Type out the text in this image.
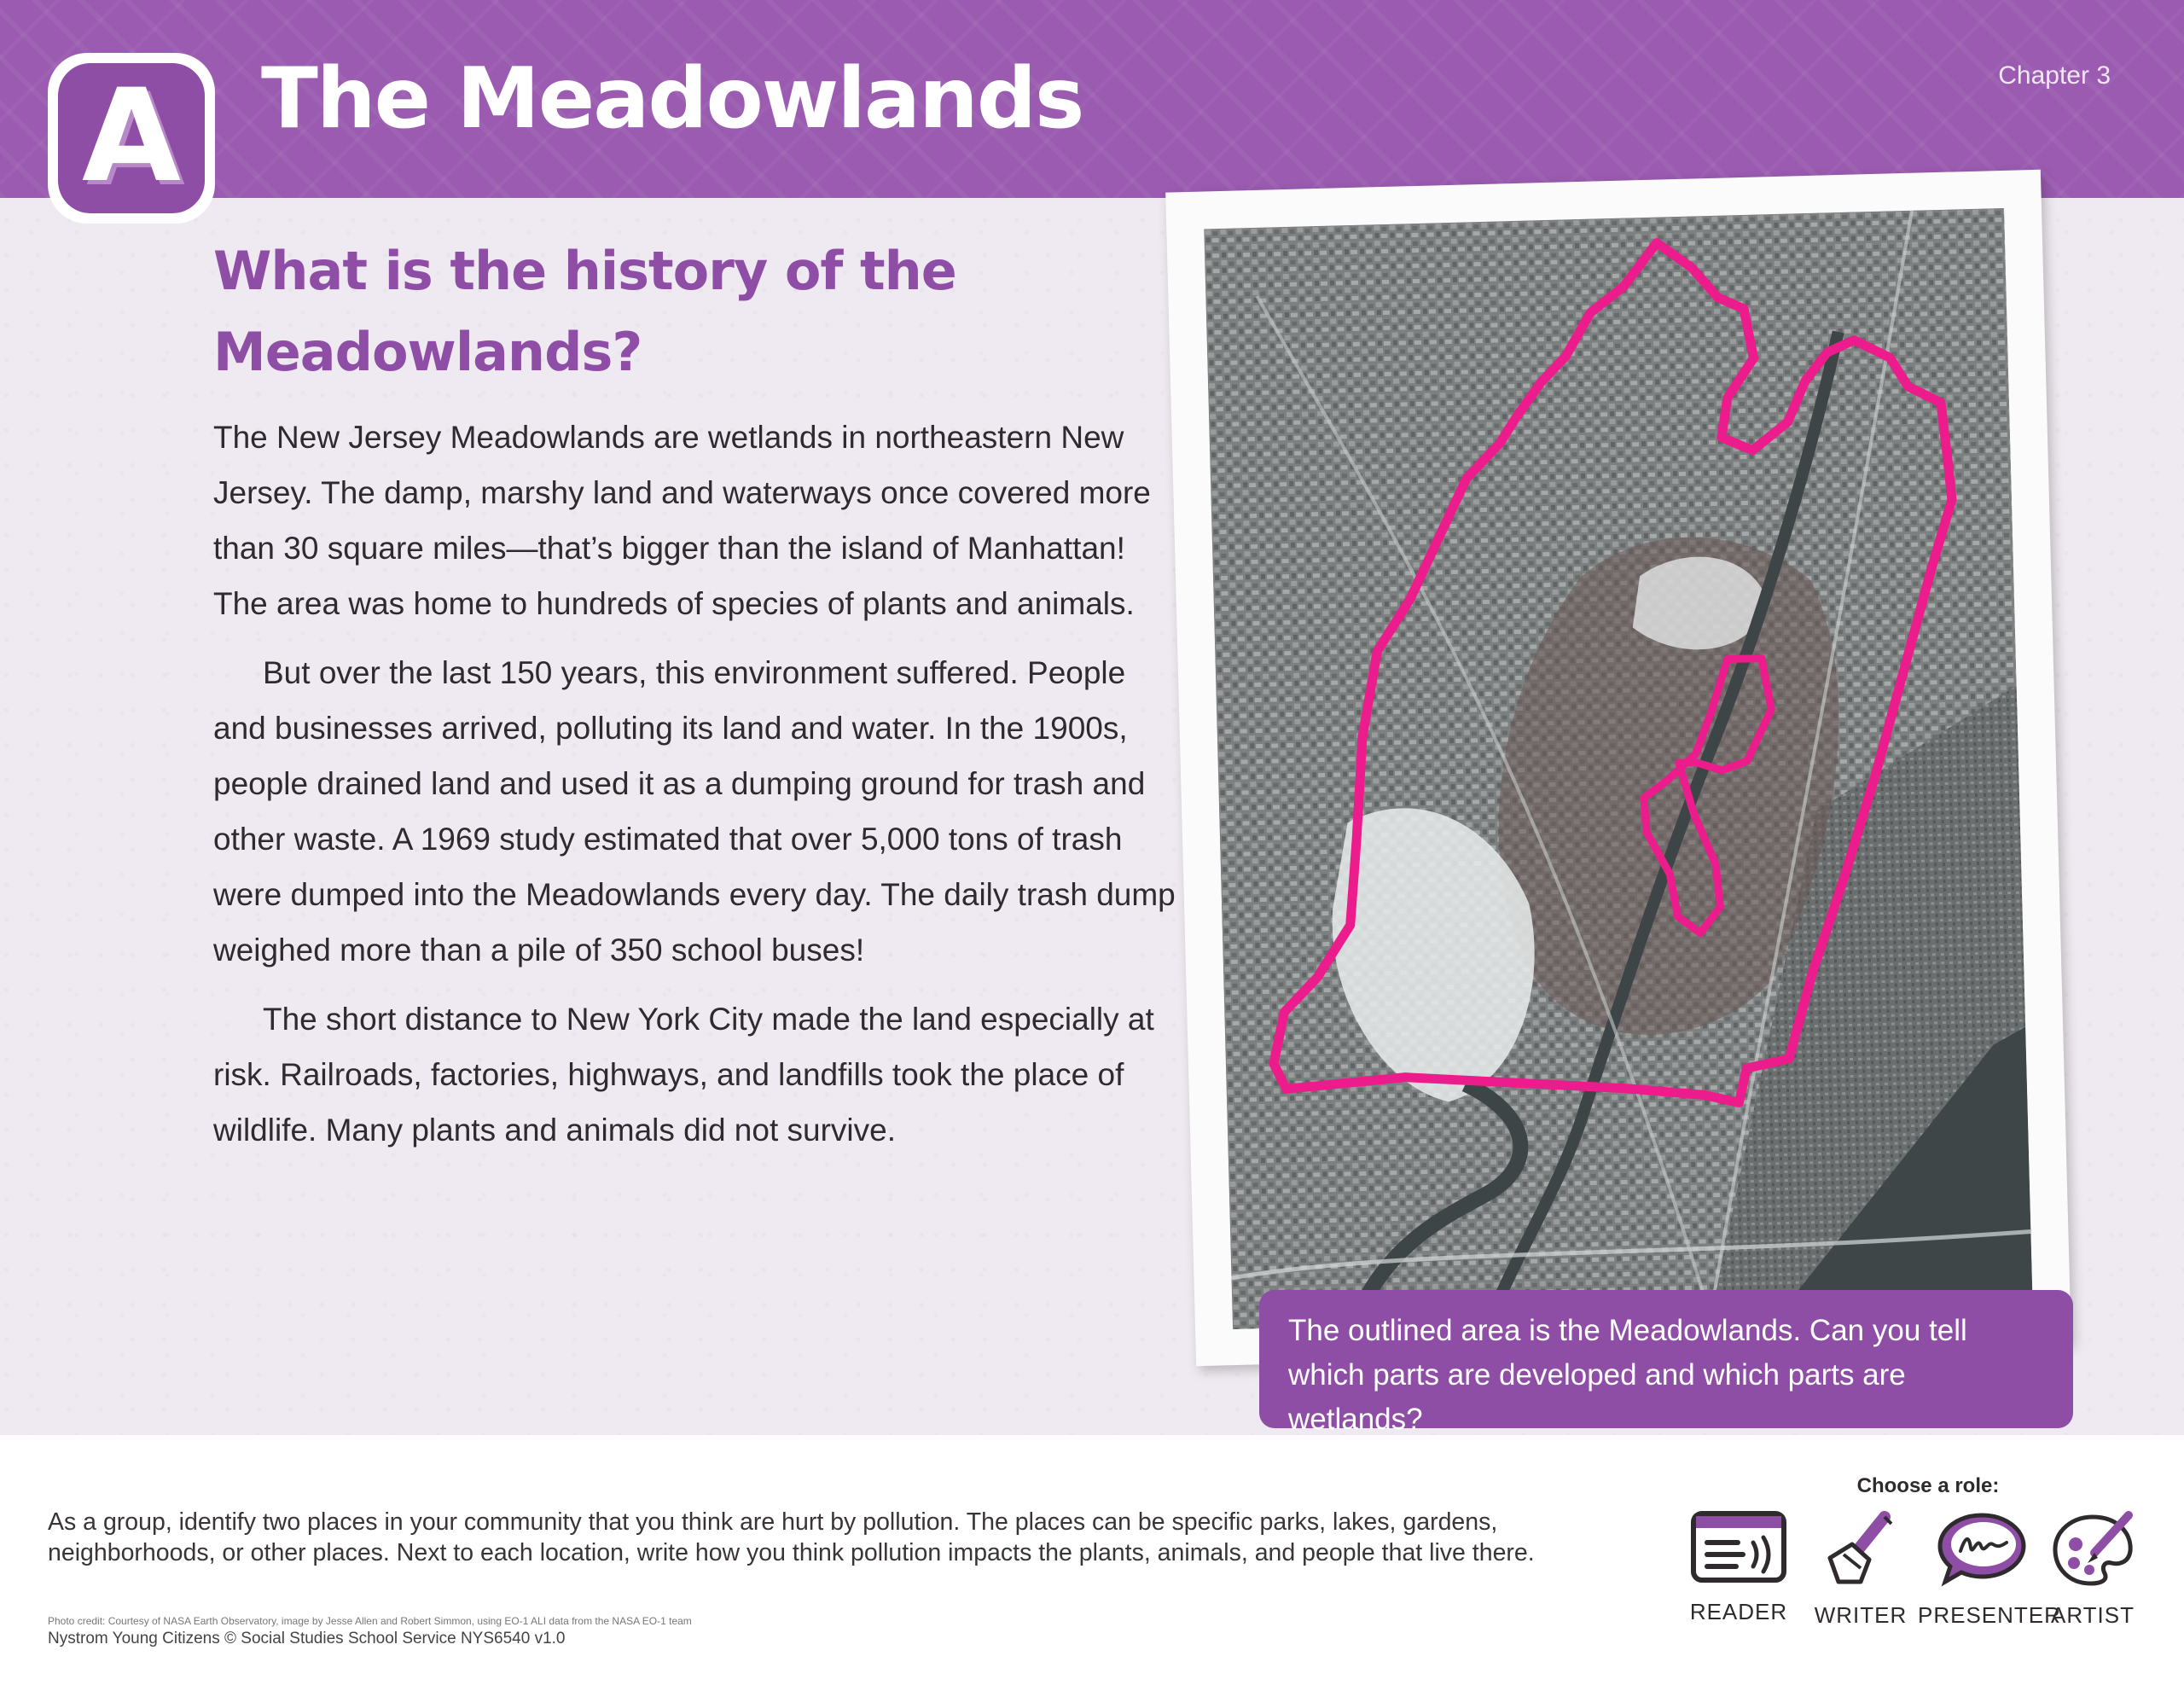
Chapter 3
A The Meadowlands
What is the history of the Meadowlands?

The New Jersey Meadowlands are wetlands in northeastern New Jersey. The damp, marshy land and waterways once covered more than 30 square miles—that’s bigger than the island of Manhattan! The area was home to hundreds of species of plants and animals.

But over the last 150 years, this environment suffered. People and businesses arrived, polluting its land and water. In the 1900s, people drained land and used it as a dumping ground for trash and other waste. A 1969 study estimated that over 5,000 tons of trash were dumped into the Meadowlands every day. The daily trash dump weighed more than a pile of 350 school buses!

The short distance to New York City made the land especially at risk. Railroads, factories, highways, and landfills took the place of wildlife. Many plants and animals did not survive.

The outlined area is the Meadowlands. Can you tell which parts are developed and which parts are wetlands?
As a group, identify two places in your community that you think are hurt by pollution. The places can be specific parks, lakes, gardens, neighborhoods, or other places. Next to each location, write how you think pollution impacts the plants, animals, and people that live there.
Photo credit: Courtesy of NASA Earth Observatory, image by Jesse Allen and Robert Simmon, using EO-1 ALI data from the NASA EO-1 team
Nystrom Young Citizens © Social Studies School Service NYS6540 v1.0
Choose a role:
READER	WRITER PRESENTER
ARTIST
